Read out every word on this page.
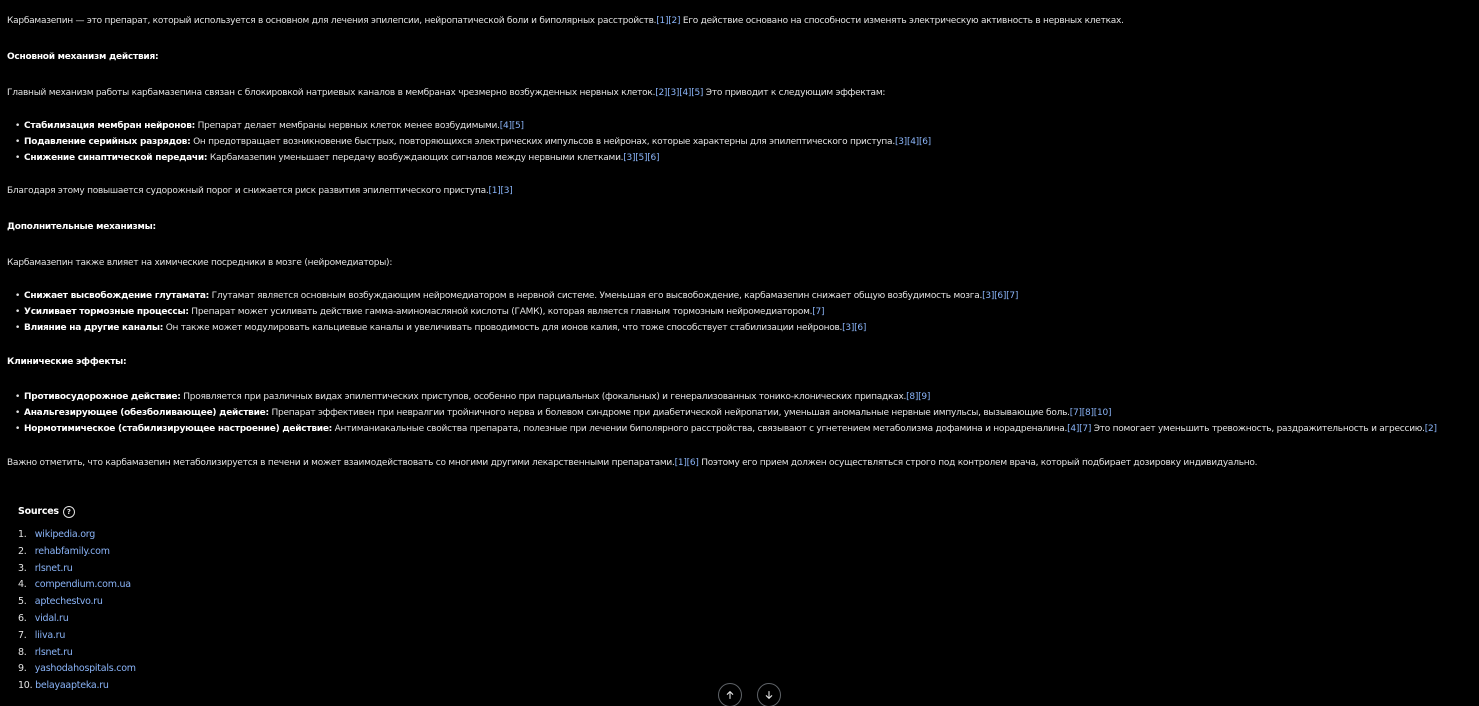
Карбамазепин — это препарат, который используется в основном для лечения эпилепсии, нейропатической боли и биполярных расстройств.[1][2] Его действие основано на способности изменять электрическую активность в нервных клетках.

Основной механизм действия:

Главный механизм работы карбамазепина связан с блокировкой натриевых каналов в мембранах чрезмерно возбужденных нервных клеток.[2][3][4][5] Это приводит к следующим эффектам:

• Стабилизация мембран нейронов: Препарат делает мембраны нервных клеток менее возбудимыми.[4][5]
• Подавление серийных разрядов: Он предотвращает возникновение быстрых, повторяющихся электрических импульсов в нейронах, которые характерны для эпилептического приступа.[3][4][6]
• Снижение синаптической передачи: Карбамазепин уменьшает передачу возбуждающих сигналов между нервными клетками.[3][5][6]

Благодаря этому повышается судорожный порог и снижается риск развития эпилептического приступа.[1][3]

Дополнительные механизмы:

Карбамазепин также влияет на химические посредники в мозге (нейромедиаторы):

• Снижает высвобождение глутамата: Глутамат является основным возбуждающим нейромедиатором в нервной системе. Уменьшая его высвобождение, карбамазепин снижает общую возбудимость мозга.[3][6][7]
• Усиливает тормозные процессы: Препарат может усиливать действие гамма-аминомасляной кислоты (ГАМК), которая является главным тормозным нейромедиатором.[7]
• Влияние на другие каналы: Он также может модулировать кальциевые каналы и увеличивать проводимость для ионов калия, что тоже способствует стабилизации нейронов.[3][6]

Клинические эффекты:

• Противосудорожное действие: Проявляется при различных видах эпилептических приступов, особенно при парциальных (фокальных) и генерализованных тонико-клонических припадках.[8][9]
• Анальгезирующее (обезболивающее) действие: Препарат эффективен при невралгии тройничного нерва и болевом синдроме при диабетической нейропатии, уменьшая аномальные нервные импульсы, вызывающие боль.[7][8][10]
• Нормотимическое (стабилизирующее настроение) действие: Антиманиакальные свойства препарата, полезные при лечении биполярного расстройства, связывают с угнетением метаболизма дофамина и норадреналина.[4][7] Это помогает уменьшить тревожность, раздражительность и агрессию.[2]

Важно отметить, что карбамазепин метаболизируется в печени и может взаимодействовать со многими другими лекарственными препаратами.[1][6] Поэтому его прием должен осуществляться строго под контролем врача, который подбирает дозировку индивидуально.

Sources	?
1. wikipedia.org
2. rehabfamily.com
3. rlsnet.ru
4. compendium.com.ua
5. aptechestvo.ru
6. vidal.ru
7. liiva.ru
8. rlsnet.ru
9. yashodahospitals.com
10. belayaapteka.ru
